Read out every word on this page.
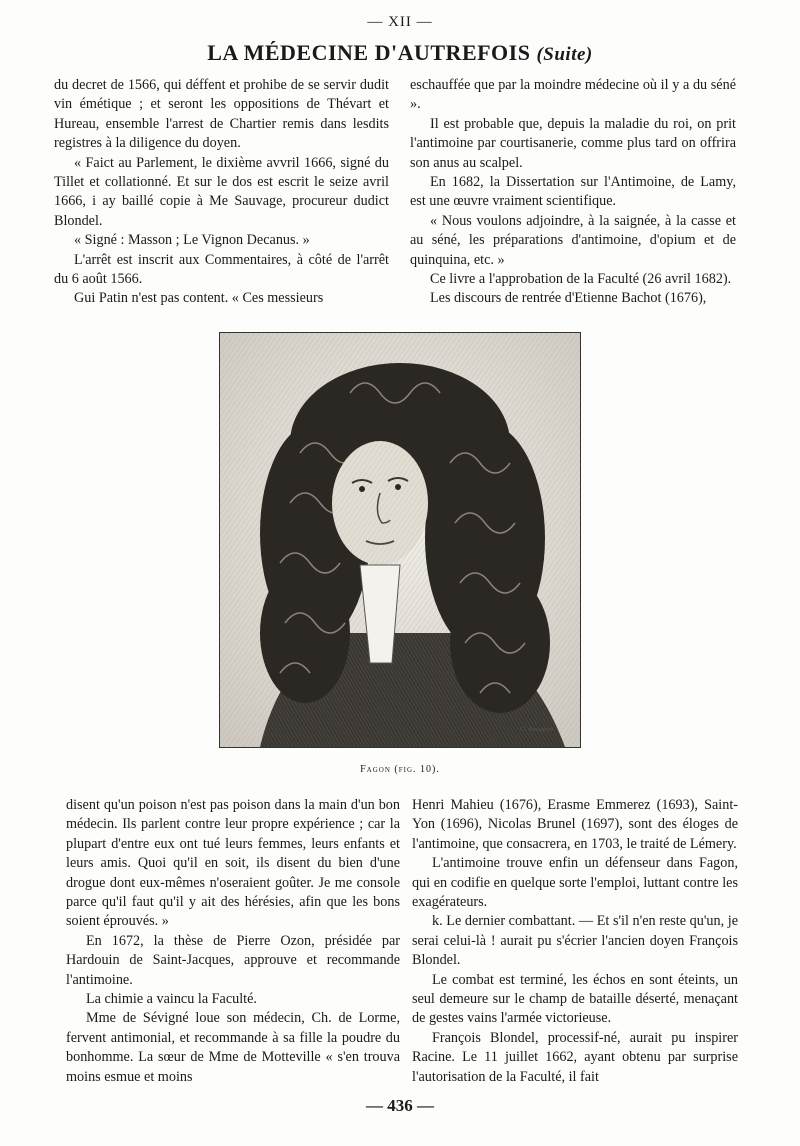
— XII —
LA MÉDECINE D'AUTREFOIS (Suite)

du decret de 1566, qui déffent et prohibe de se servir dudit vin émétique ; et seront les oppositions de Thévart et Hureau, ensemble l'arrest de Chartier remis dans lesdits registres à la diligence du doyen.

« Faict au Parlement, le dixième avvril 1666, signé du Tillet et collationné. Et sur le dos est escrit le seize avril 1666, i ay baillé copie à Me Sauvage, procureur dudict Blondel.

« Signé : Masson ; Le Vignon Decanus. »

L'arrêt est inscrit aux Commentaires, à côté de l'arrêt du 6 août 1566.

Gui Patin n'est pas content. « Ces messieurs

eschauffée que par la moindre médecine où il y a du séné ».

Il est probable que, depuis la maladie du roi, on prit l'antimoine par courtisanerie, comme plus tard on offrira son anus au scalpel.

En 1682, la Dissertation sur l'Antimoine, de Lamy, est une œuvre vraiment scientifique.

« Nous voulons adjoindre, à la saignée, à la casse et au séné, les préparations d'antimoine, d'opium et de quinquina, etc. »

Ce livre a l'approbation de la Faculté (26 avril 1682).

Les discours de rentrée d'Etienne Bachot (1676),

Cl. Rossignon
Fagon (fig. 10).

disent qu'un poison n'est pas poison dans la main d'un bon médecin. Ils parlent contre leur propre expérience ; car la plupart d'entre eux ont tué leurs femmes, leurs enfants et leurs amis. Quoi qu'il en soit, ils disent du bien d'une drogue dont eux-mêmes n'oseraient goûter. Je me console parce qu'il faut qu'il y ait des hérésies, afin que les bons soient éprouvés. »

En 1672, la thèse de Pierre Ozon, présidée par Hardouin de Saint-Jacques, approuve et recommande l'antimoine.

La chimie a vaincu la Faculté.

Mme de Sévigné loue son médecin, Ch. de Lorme, fervent antimonial, et recommande à sa fille la poudre du bonhomme. La sœur de Mme de Motteville « s'en trouva moins esmue et moins

Henri Mahieu (1676), Erasme Emmerez (1693), Saint-Yon (1696), Nicolas Brunel (1697), sont des éloges de l'antimoine, que consacrera, en 1703, le traité de Lémery.

L'antimoine trouve enfin un défenseur dans Fagon, qui en codifie en quelque sorte l'emploi, luttant contre les exagérateurs.

k. Le dernier combattant. — Et s'il n'en reste qu'un, je serai celui-là ! aurait pu s'écrier l'ancien doyen François Blondel.

Le combat est terminé, les échos en sont éteints, un seul demeure sur le champ de bataille déserté, menaçant de gestes vains l'armée victorieuse.

François Blondel, processif-né, aurait pu inspirer Racine. Le 11 juillet 1662, ayant obtenu par surprise l'autorisation de la Faculté, il fait

— 436 —
